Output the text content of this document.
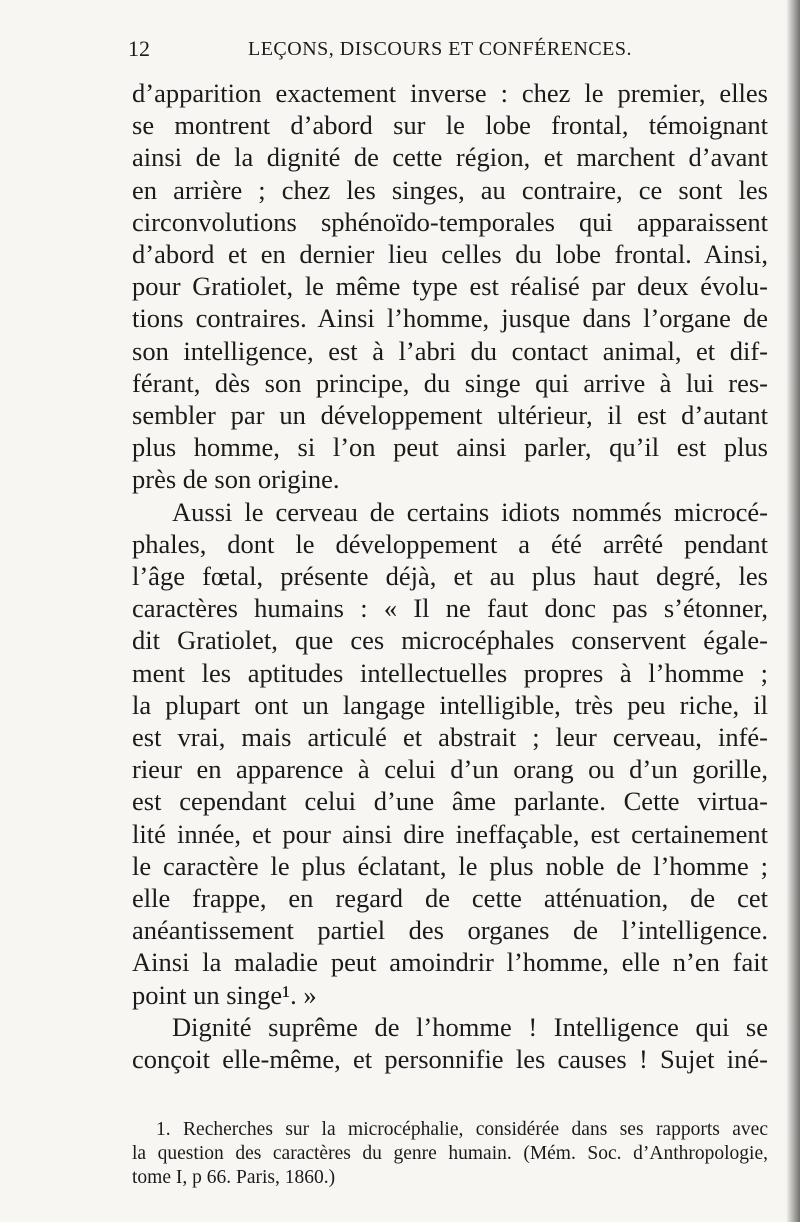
12	LEÇONS, DISCOURS ET CONFÉRENCES.
d’apparition exactement inverse : chez le premier, elles
se montrent d’abord sur le lobe frontal, témoignant
ainsi de la dignité de cette région, et marchent d’avant
en arrière ; chez les singes, au contraire, ce sont les
circonvolutions sphénoïdo-temporales qui apparaissent
d’abord et en dernier lieu celles du lobe frontal. Ainsi,
pour Gratiolet, le même type est réalisé par deux évolu-
tions contraires. Ainsi l’homme, jusque dans l’organe de
son intelligence, est à l’abri du contact animal, et dif-
férant, dès son principe, du singe qui arrive à lui res-
sembler par un développement ultérieur, il est d’autant
plus homme, si l’on peut ainsi parler, qu’il est plus
près de son origine.
Aussi le cerveau de certains idiots nommés microcé-
phales, dont le développement a été arrêté pendant
l’âge fœtal, présente déjà, et au plus haut degré, les
caractères humains : « Il ne faut donc pas s’étonner,
dit Gratiolet, que ces microcéphales conservent égale-
ment les aptitudes intellectuelles propres à l’homme ;
la plupart ont un langage intelligible, très peu riche, il
est vrai, mais articulé et abstrait ; leur cerveau, infé-
rieur en apparence à celui d’un orang ou d’un gorille,
est cependant celui d’une âme parlante. Cette virtua-
lité innée, et pour ainsi dire ineffaçable, est certainement
le caractère le plus éclatant, le plus noble de l’homme ;
elle frappe, en regard de cette atténuation, de cet
anéantissement partiel des organes de l’intelligence.
Ainsi la maladie peut amoindrir l’homme, elle n’en fait
point un singe¹. »
Dignité suprême de l’homme ! Intelligence qui se
conçoit elle-même, et personnifie les causes ! Sujet iné-
1. Recherches sur la microcéphalie, considérée dans ses rapports avec
la question des caractères du genre humain. (Mém. Soc. d’Anthropologie,
tome I, p 66. Paris, 1860.)
